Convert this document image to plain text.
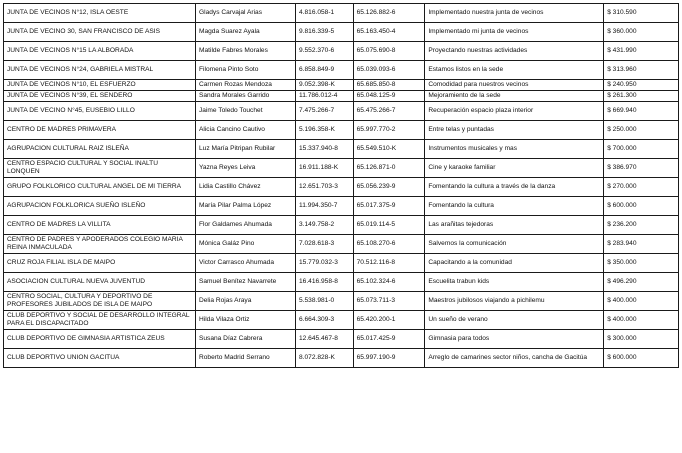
JUNTA DE VECINOS N°12, ISLA OESTE	Gladys Carvajal Arias	4.816.058-1	65.126.882-6	Implementado nuestra junta de vecinos	$ 310.590
JUNTA DE VECINO 30, SAN FRANCISCO DE ASIS	Magda Suarez Ayala	9.816.339-5	65.163.450-4	Implementado mi junta de vecinos	$ 360.000
JUNTA DE VECINOS N°15 LA ALBORADA	Matilde Fabres Morales	9.552.370-6	65.075.690-8	Proyectando nuestras actividades	$ 431.990
JUNTA DE VECINOS N°24, GABRIELA MISTRAL	Filomena Pinto Soto	6.858.849-9	65.039.093-6	Estamos listos en la sede	$ 313.960
JUNTA DE VECINOS N°10, EL ESFUERZO	Carmen Rozas Mendoza	9.052.398-K	65.685.850-8	Comodidad para nuestros vecinos	$ 240.950
JUNTA DE VECINOS N°39, EL SENDERO	Sandra Morales Garrido	11.786.012-4	65.048.125-9	Mejoramiento de la sede	$ 261.300
JUNTA DE VECINO N°45, EUSEBIO LILLO	Jaime Toledo Touchet	7.475.266-7	65.475.266-7	Recuperación espacio plaza interior	$ 669.940
CENTRO DE MADRES PRIMAVERA	Alicia Cancino Cautivo	5.196.358-K	65.997.770-2	Entre telas y puntadas	$ 250.000
AGRUPACION CULTURAL RAIZ ISLEÑA	Luz María Pitripan Rubilar	15.337.940-8	65.549.510-K	Instrumentos musicales y mas	$ 700.000
CENTRO ESPACIO CULTURAL Y SOCIAL INALTU LONQUEN	Yazna Reyes Leiva	16.911.188-K	65.126.871-0	Cine y karaoke familiar	$ 386.970
GRUPO FOLKLORICO CULTURAL ANGEL DE MI TIERRA	Lidia Castillo Chávez	12.651.703-3	65.056.239-9	Fomentando la cultura a través de la danza	$ 270.000
AGRUPACION FOLKLORICA SUEÑO ISLEÑO	María Pilar Palma López	11.994.350-7	65.017.375-9	Fomentando la cultura	$ 600.000
CENTRO DE MADRES LA VILLITA	Flor Galdames Ahumada	3.149.758-2	65.019.114-5	Las arañitas tejedoras	$ 236.200
CENTRO DE PADRES Y APODERADOS COLEGIO MARIA REINA INMACULADA	Mónica Galáz Pino	7.028.618-3	65.108.270-6	Salvemos la comunicación	$ 283.940
CRUZ ROJA FILIAL ISLA DE MAIPO	Victor Carrasco Ahumada	15.779.032-3	70.512.116-8	Capacitando a la comunidad	$ 350.000
ASOCIACION CULTURAL NUEVA JUVENTUD	Samuel Benítez Navarrete	16.416.958-8	65.102.324-6	Escuelita trabun kids	$ 496.290
CENTRO SOCIAL, CULTURA Y DEPORTIVO DE PROFESORES JUBILADOS DE ISLA DE MAIPO	Delia Rojas Araya	5.538.981-0	65.073.711-3	Maestros jubilosos viajando a pichilemu	$ 400.000
CLUB DEPORTIVO Y SOCIAL DE DESARROLLO INTEGRAL PARA EL DISCAPACITADO	Hilda Vilaza Ortiz	6.664.309-3	65.420.200-1	Un sueño de verano	$ 400.000
CLUB DEPORTIVO DE GIMNASIA ARTISTICA ZEUS	Susana Díaz Cabrera	12.645.467-8	65.017.425-9	Gimnasia para todos	$ 300.000
CLUB DEPORTIVO UNION GACITUA	Roberto Madrid Serrano	8.072.828-K	65.997.190-9	Arreglo de camarines sector niños, cancha de Gacitúa	$ 600.000
